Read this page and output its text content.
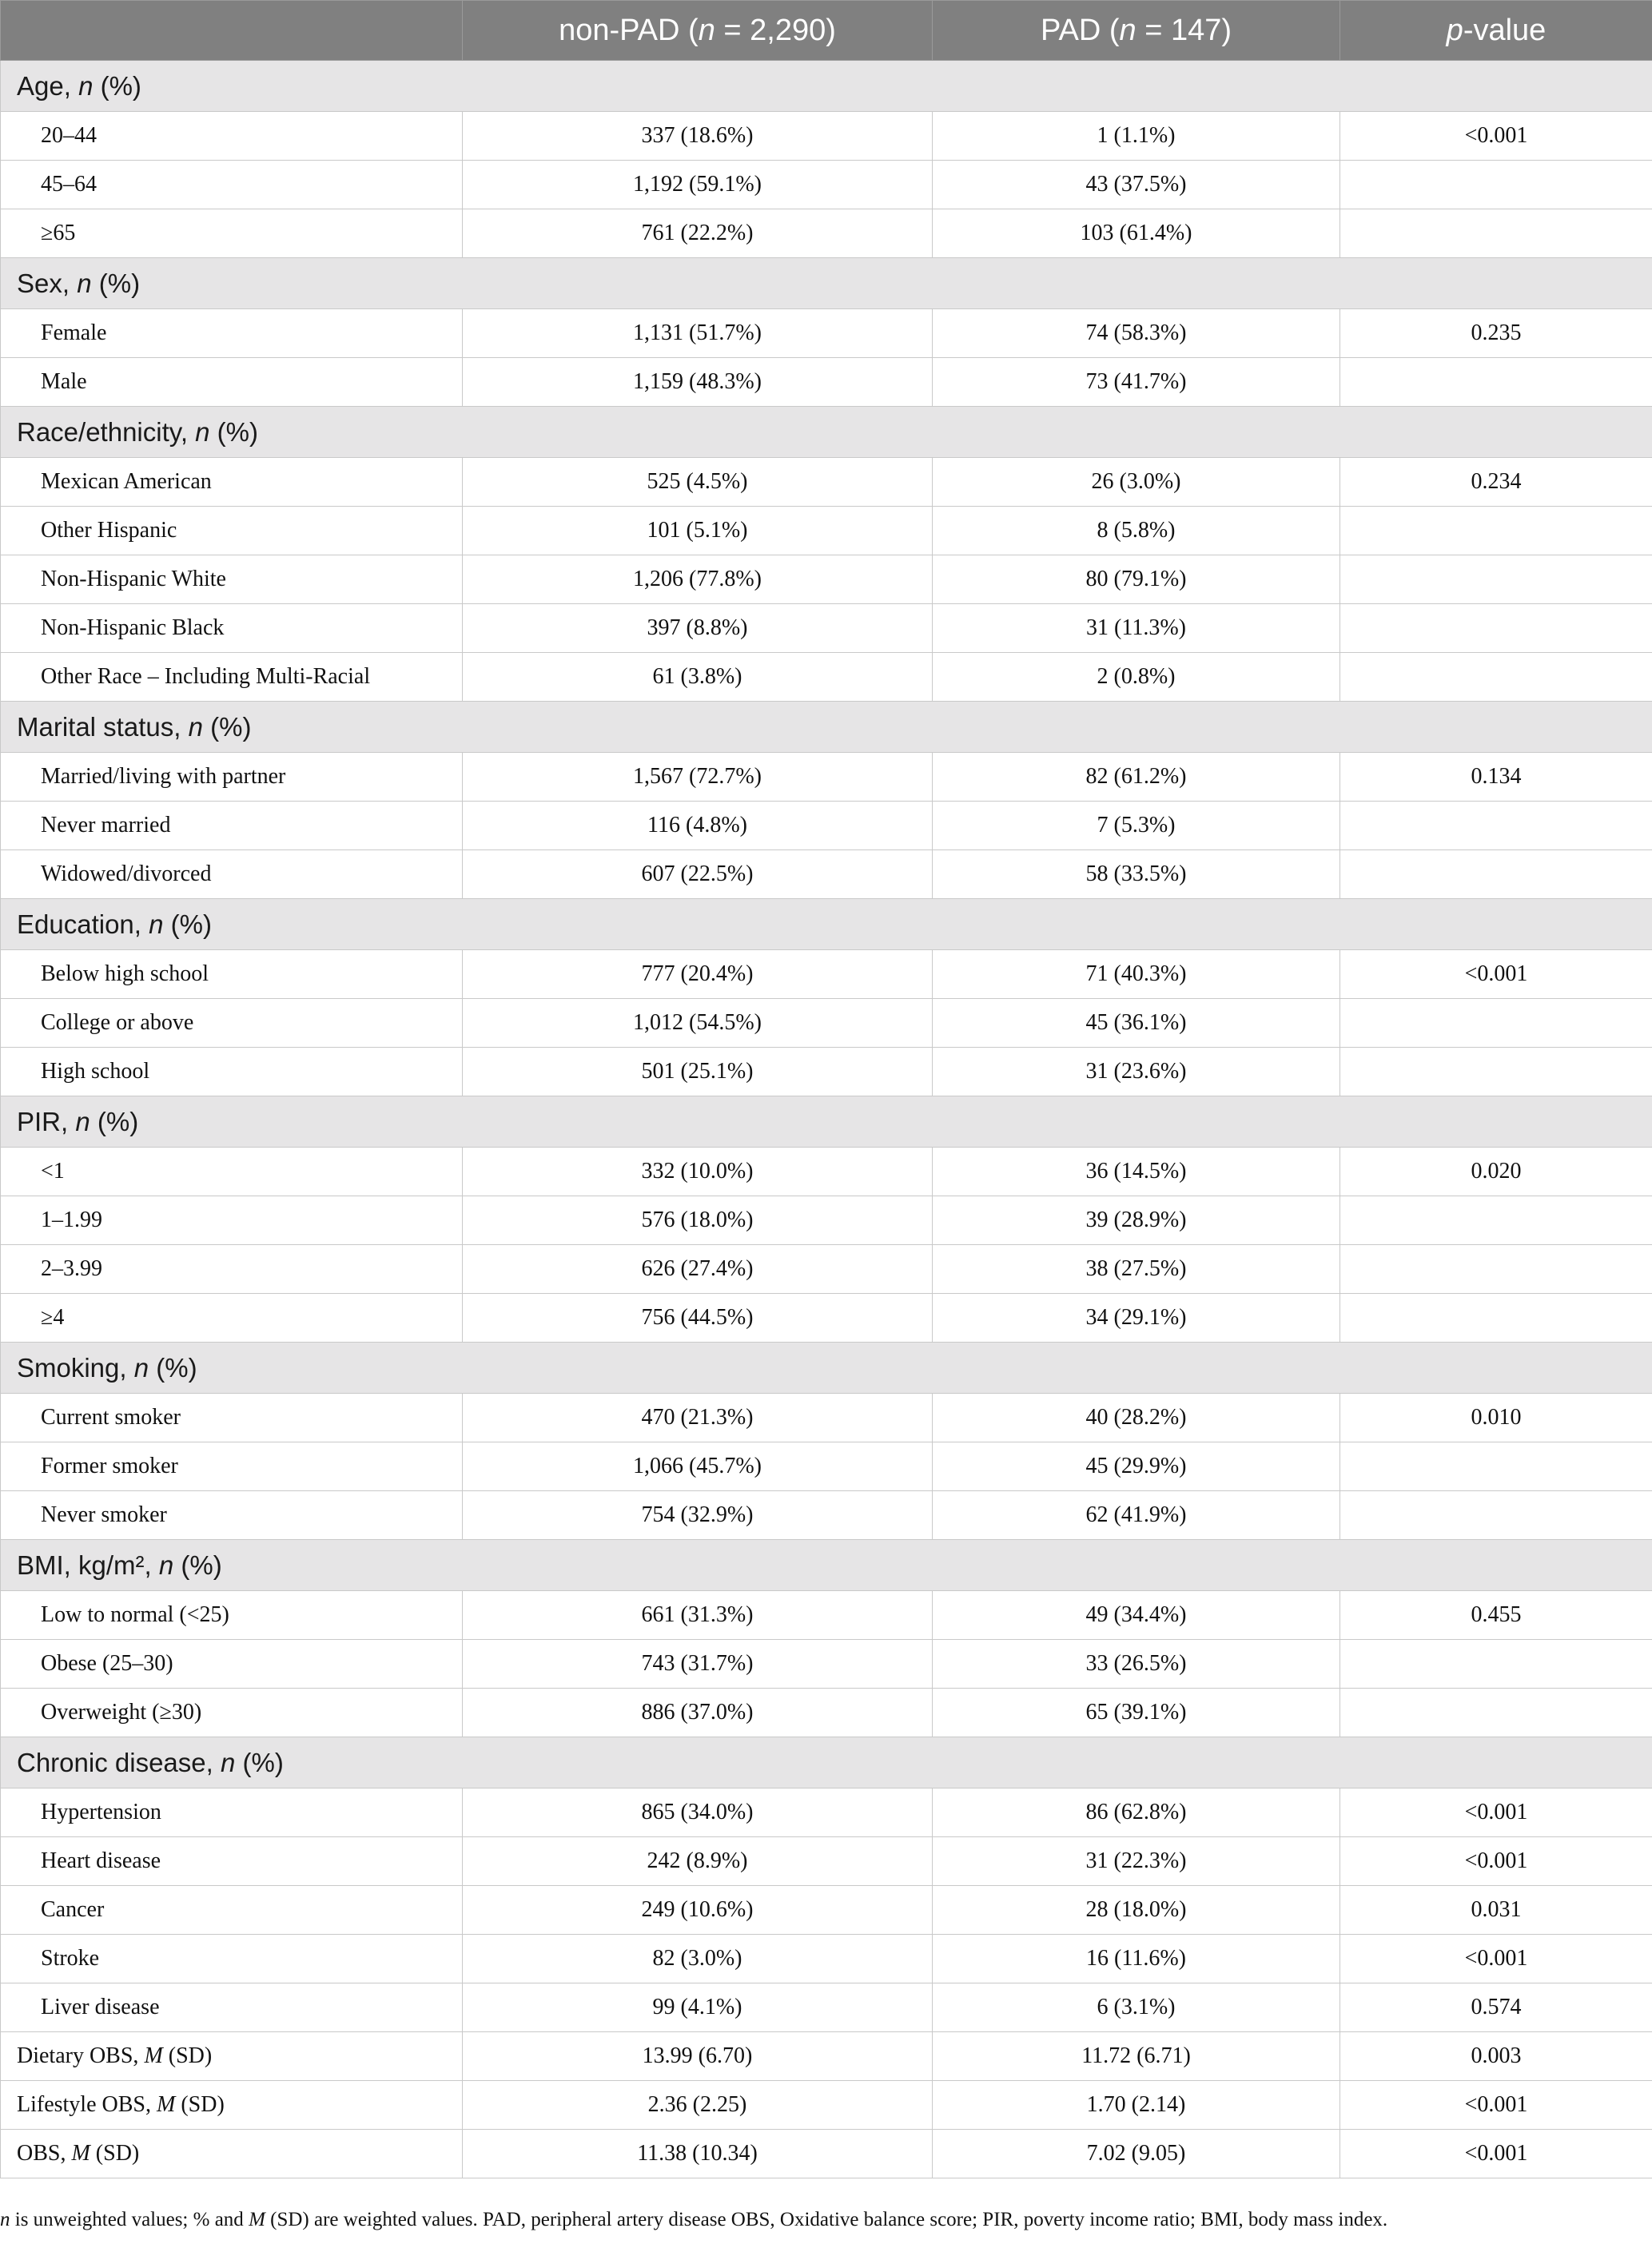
	non-PAD (n = 2,290)	PAD (n = 147)	p-value
Age, n (%)			
20–44	337 (18.6%)	1 (1.1%)	<0.001
45–64	1,192 (59.1%)	43 (37.5%)	
≥65	761 (22.2%)	103 (61.4%)	
Sex, n (%)			
Female	1,131 (51.7%)	74 (58.3%)	0.235
Male	1,159 (48.3%)	73 (41.7%)	
Race/ethnicity, n (%)			
Mexican American	525 (4.5%)	26 (3.0%)	0.234
Other Hispanic	101 (5.1%)	8 (5.8%)	
Non-Hispanic White	1,206 (77.8%)	80 (79.1%)	
Non-Hispanic Black	397 (8.8%)	31 (11.3%)	
Other Race – Including Multi-Racial	61 (3.8%)	2 (0.8%)	
Marital status, n (%)			
Married/living with partner	1,567 (72.7%)	82 (61.2%)	0.134
Never married	116 (4.8%)	7 (5.3%)	
Widowed/divorced	607 (22.5%)	58 (33.5%)	
Education, n (%)			
Below high school	777 (20.4%)	71 (40.3%)	<0.001
College or above	1,012 (54.5%)	45 (36.1%)	
High school	501 (25.1%)	31 (23.6%)	
PIR, n (%)			
<1	332 (10.0%)	36 (14.5%)	0.020
1–1.99	576 (18.0%)	39 (28.9%)	
2–3.99	626 (27.4%)	38 (27.5%)	
≥4	756 (44.5%)	34 (29.1%)	
Smoking, n (%)			
Current smoker	470 (21.3%)	40 (28.2%)	0.010
Former smoker	1,066 (45.7%)	45 (29.9%)	
Never smoker	754 (32.9%)	62 (41.9%)	
BMI, kg/m², n (%)			
Low to normal (<25)	661 (31.3%)	49 (34.4%)	0.455
Obese (25–30)	743 (31.7%)	33 (26.5%)	
Overweight (≥30)	886 (37.0%)	65 (39.1%)	
Chronic disease, n (%)			
Hypertension	865 (34.0%)	86 (62.8%)	<0.001
Heart disease	242 (8.9%)	31 (22.3%)	<0.001
Cancer	249 (10.6%)	28 (18.0%)	0.031
Stroke	82 (3.0%)	16 (11.6%)	<0.001
Liver disease	99 (4.1%)	6 (3.1%)	0.574
Dietary OBS, M (SD)	13.99 (6.70)	11.72 (6.71)	0.003
Lifestyle OBS, M (SD)	2.36 (2.25)	1.70 (2.14)	<0.001
OBS, M (SD)	11.38 (10.34)	7.02 (9.05)	<0.001

n is unweighted values; % and M (SD) are weighted values. PAD, peripheral artery disease OBS, Oxidative balance score; PIR, poverty income ratio; BMI, body mass index.
